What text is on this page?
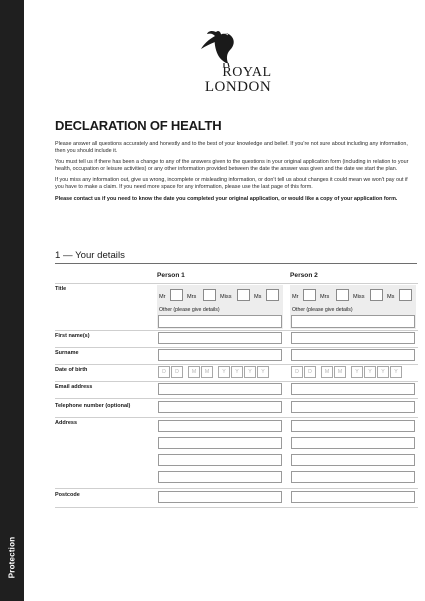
Protection
ROYAL
LONDON
DECLARATION OF HEALTH

Please answer all questions accurately and honestly and to the best of your knowledge and belief. If you're not sure about including any information, then you should include it.

You must tell us if there has been a change to any of the answers given to the questions in your original application form (including in relation to your health, occupation or leisure activities) or any other information provided between the date the answer was given and the date we start the plan.

If you miss any information out, give us wrong, incomplete or misleading information, or don't tell us about changes it could mean we won't pay out if you have to make a claim. If you need more space for any information, please use the last page of this form.

Please contact us if you need to know the date you completed your original application, or would like a copy of your application form.

1 — Your details
Person 1	Person 2
Title
Mr	Mrs	Miss	Ms
Other (please give details)
Mr	Mrs	Miss	Ms
Other (please give details)
First name(s)
Surname
Date of birth	D	D	M	M	Y	Y	Y	Y	D	D	M	M	Y	Y	Y	Y
Email address
Telephone number (optional)
Address
Postcode
